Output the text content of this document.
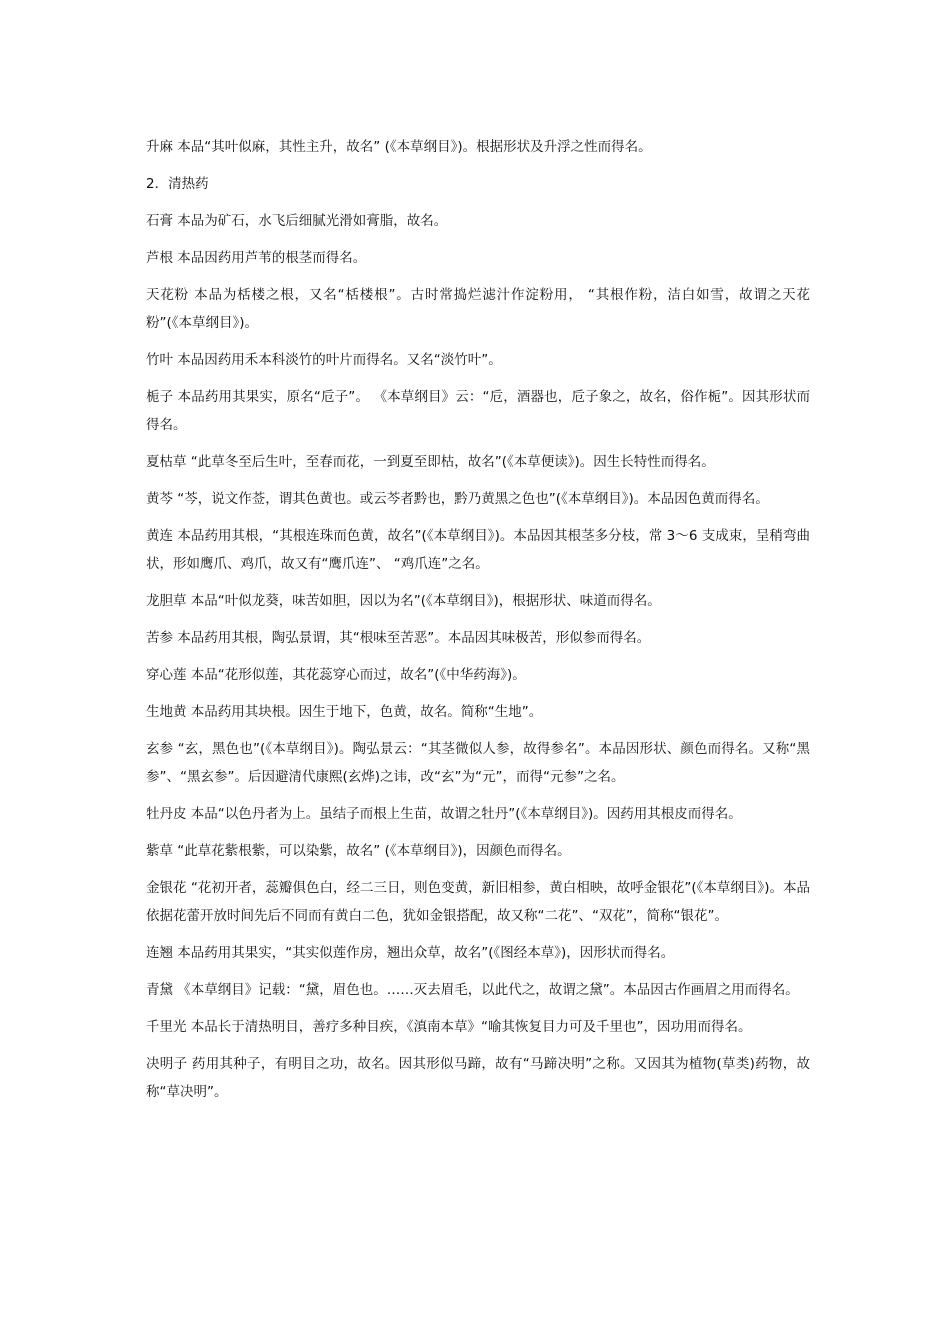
升麻 本品“其叶似麻，其性主升，故名” (《本草纲目》)。根据形状及升浮之性而得名。

2．清热药

石膏 本品为矿石，水飞后细腻光滑如膏脂，故名。

芦根 本品因药用芦苇的根茎而得名。

天花粉 本品为栝楼之根，又名“栝楼根”。古时常捣烂滤汁作淀粉用， “其根作粉，洁白如雪，故谓之天花粉”(《本草纲目》)。

竹叶 本品因药用禾本科淡竹的叶片而得名。又名“淡竹叶”。

栀子 本品药用其果实，原名“卮子”。 《本草纲目》云：“卮，酒器也，卮子象之，故名，俗作栀”。因其形状而得名。

夏枯草 “此草冬至后生叶，至春而花，一到夏至即枯，故名”(《本草便读》)。因生长特性而得名。

黄芩 “芩，说文作莶，谓其色黄也。或云芩者黔也，黔乃黄黑之色也”(《本草纲目》)。本品因色黄而得名。

黄连 本品药用其根，“其根连珠而色黄，故名”(《本草纲目》)。本品因其根茎多分枝，常 3～6 支成束，呈稍弯曲状，形如鹰爪、鸡爪，故又有“鹰爪连”、 “鸡爪连”之名。

龙胆草 本品“叶似龙葵，味苦如胆，因以为名”(《本草纲目》)，根据形状、味道而得名。

苦参 本品药用其根，陶弘景谓，其“根味至苦恶”。本品因其味极苦，形似参而得名。

穿心莲 本品“花形似莲，其花蕊穿心而过，故名”(《中华药海》)。

生地黄 本品药用其块根。因生于地下，色黄，故名。简称“生地”。

玄参 “玄，黑色也”(《本草纲目》)。陶弘景云：“其茎微似人参，故得参名”。本品因形状、颜色而得名。又称“黑参”、“黑玄参”。后因避清代康熙(玄烨)之讳，改“玄”为“元”，而得“元参”之名。

牡丹皮 本品“以色丹者为上。虽结子而根上生苗，故谓之牡丹”(《本草纲目》)。因药用其根皮而得名。

紫草 “此草花紫根紫，可以染紫，故名” (《本草纲目》)，因颜色而得名。

金银花 “花初开者，蕊瓣俱色白，经二三日，则色变黄，新旧相参，黄白相映，故呼金银花”(《本草纲目》)。本品依据花蕾开放时间先后不同而有黄白二色，犹如金银搭配，故又称“二花”、“双花”，简称“银花”。

连翘 本品药用其果实，“其实似莲作房，翘出众草，故名”(《图经本草》)，因形状而得名。

青黛 《本草纲目》记载：“黛，眉色也。……灭去眉毛，以此代之，故谓之黛”。本品因古作画眉之用而得名。

千里光 本品长于清热明目，善疗多种目疾，《滇南本草》“喻其恢复目力可及千里也”，因功用而得名。

决明子 药用其种子，有明目之功，故名。因其形似马蹄，故有“马蹄决明”之称。又因其为植物(草类)药物，故称“草决明”。
